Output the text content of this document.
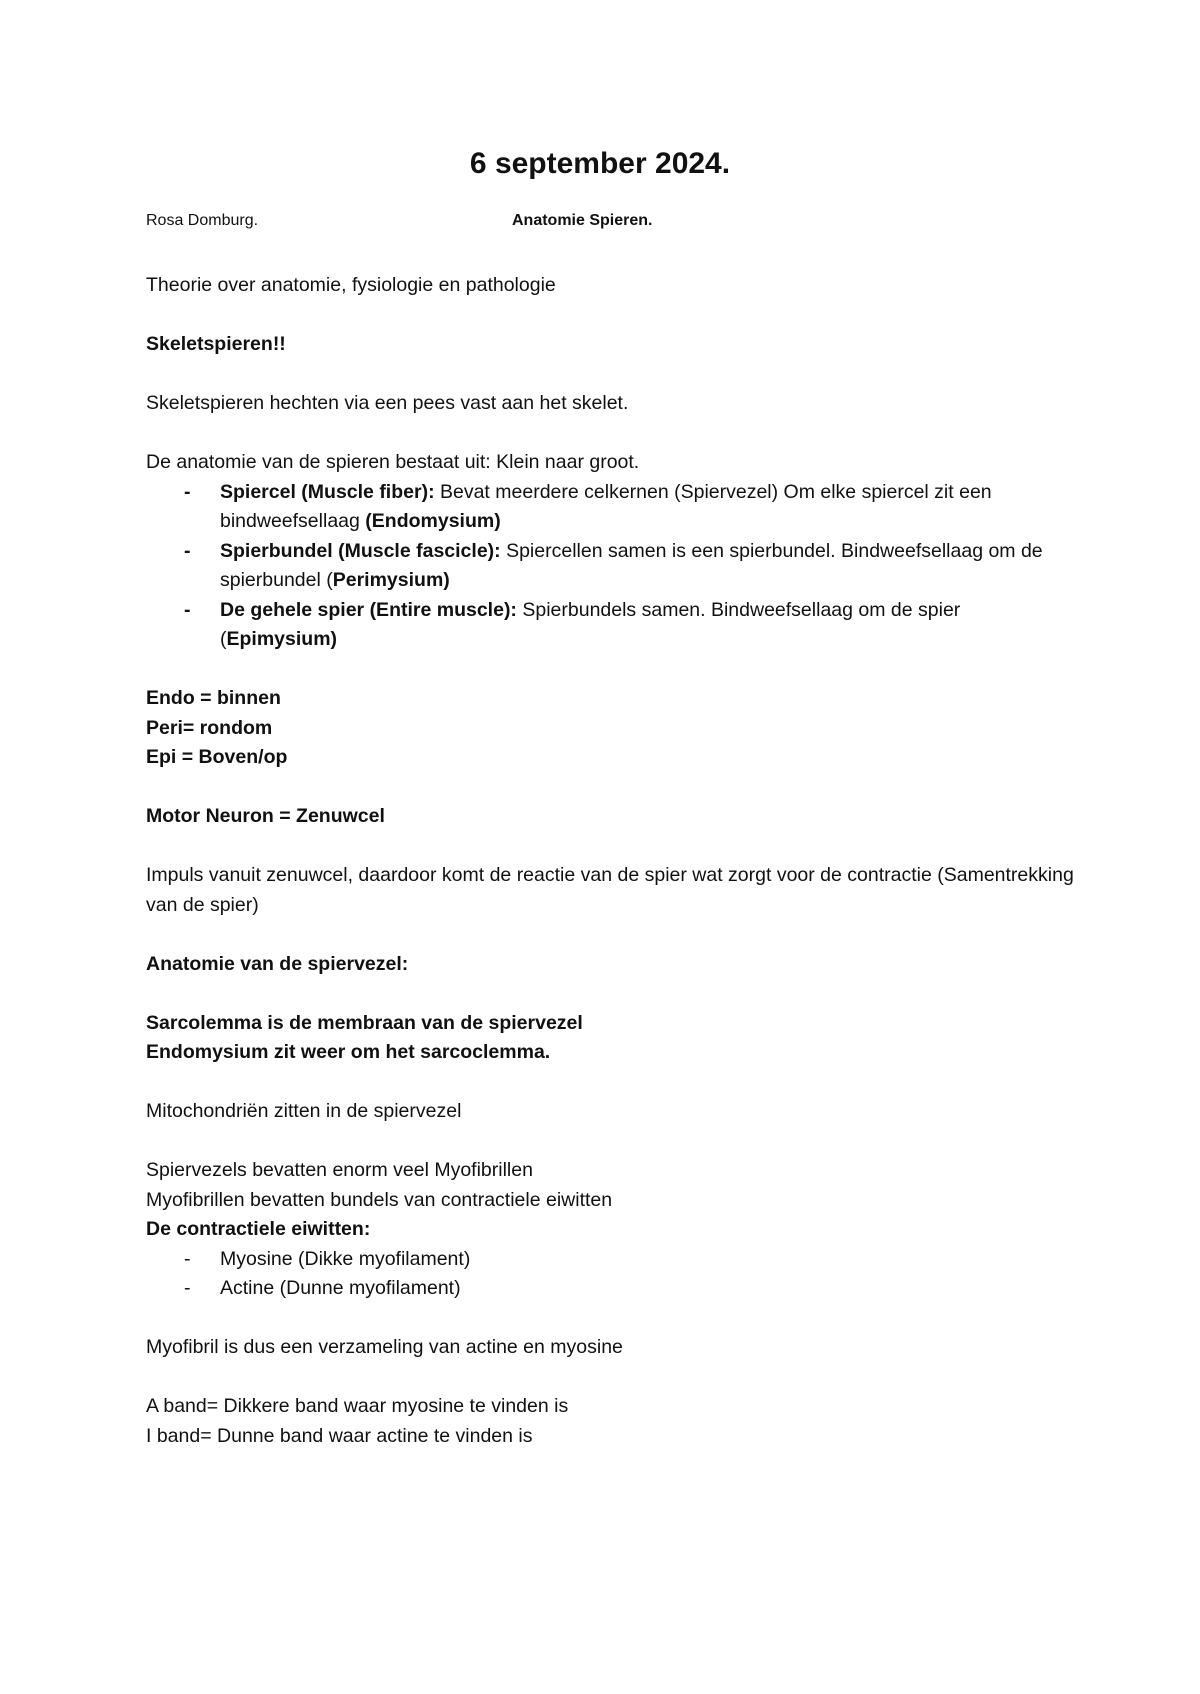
6 september 2024.
Rosa Domburg.	Anatomie Spieren.

Theorie over anatomie, fysiologie en pathologie

Skeletspieren!!

Skeletspieren hechten via een pees vast aan het skelet.

De anatomie van de spieren bestaat uit: Klein naar groot.

- Spiercel (Muscle fiber): Bevat meerdere celkernen (Spiervezel) Om elke spiercel zit een bindweefsellaag (Endomysium)
- Spierbundel (Muscle fascicle): Spiercellen samen is een spierbundel. Bindweefsellaag om de spierbundel (Perimysium)
- De gehele spier (Entire muscle): Spierbundels samen. Bindweefsellaag om de spier (Epimysium)

Endo = binnen

Peri= rondom

Epi = Boven/op

Motor Neuron = Zenuwcel

Impuls vanuit zenuwcel, daardoor komt de reactie van de spier wat zorgt voor de contractie (Samentrekking van de spier)

Anatomie van de spiervezel:

Sarcolemma is de membraan van de spiervezel

Endomysium zit weer om het sarcoclemma.

Mitochondriën zitten in de spiervezel

Spiervezels bevatten enorm veel Myofibrillen

Myofibrillen bevatten bundels van contractiele eiwitten

De contractiele eiwitten:

- Myosine (Dikke myofilament)
- Actine (Dunne myofilament)

Myofibril is dus een verzameling van actine en myosine

A band= Dikkere band waar myosine te vinden is

I band= Dunne band waar actine te vinden is
